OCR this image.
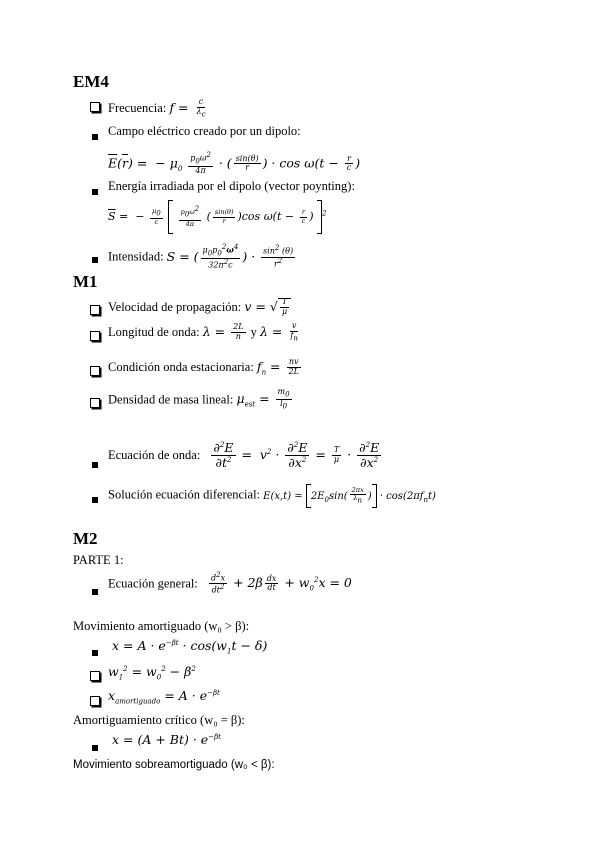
EM4
Frecuencia: $f = \frac{c}{\lambda_c}$
Campo eléctrico creado por un dipolo:
$\overline{E}(\overline{r})$ =  − $\mu_0 \frac{p_0\omega^2}{4\pi}$ · ( $\frac{\sin(\theta)}{r}$ ) · $\cos \omega(t - \frac{r}{c}$ )
Energía irradiada por el dipolo (vector poynting):
$\overline{S}$ =  − $\frac{\mu_0}{c}$
$\frac{p_0\omega^2}{4\pi}$ ( $\frac{\sin(\theta)}{r} )\cos$ $\omega(t - \frac{r}{c}$ ) $^2$
Intensidad: S = ( $\frac{\mu_0p_0^2\omega^4}{32\pi^2c}$ ) · $\frac{\sin^2 (\theta)}{r^2}$
M1
Velocidad de propagación: v = √ $\frac{T}{\mu}$
Longitud de onda: $\lambda = \frac{2L}{n}$ y $\lambda = \frac{v}{f_n}$
Condición onda estacionaria: $f_n = \frac{nv}{2L}$
Densidad de masa lineal: $\mu_{est} = \frac{m_0}{l_0}$
Ecuación de onda: $\frac{\partial^2E}{\partial t^2} = v^2 \cdot \frac{\partial^2E}{\partial x^2} = \frac{T}{\mu} \cdot \frac{\partial^2E}{\partial x^2}$
Solución ecuación diferencial: $E(x,t) = 2E_0\sin( \frac{2\pi x}{\lambda_n}$ ) · $\cos(2\pi f_nt)$
M2
PARTE 1:
Ecuación general: $\frac{d^2x}{dt^2} + 2\beta \frac{dx}{dt} + w_0^2x = 0$
Movimiento amortiguado (w₀ > β):
$x = A \cdot e^{-\beta t} \cdot \cos(w_1t - \delta)$
$w_1^2 = w_0^2 - \beta^2$
$x_{amortiguado} = A \cdot e^{-\beta t}$
Amortiguamiento crítico (w₀ = β):
$x = (A + Bt) \cdot e^{-\beta t}$
Movimiento sobreamortiguado (w₀ < β):
